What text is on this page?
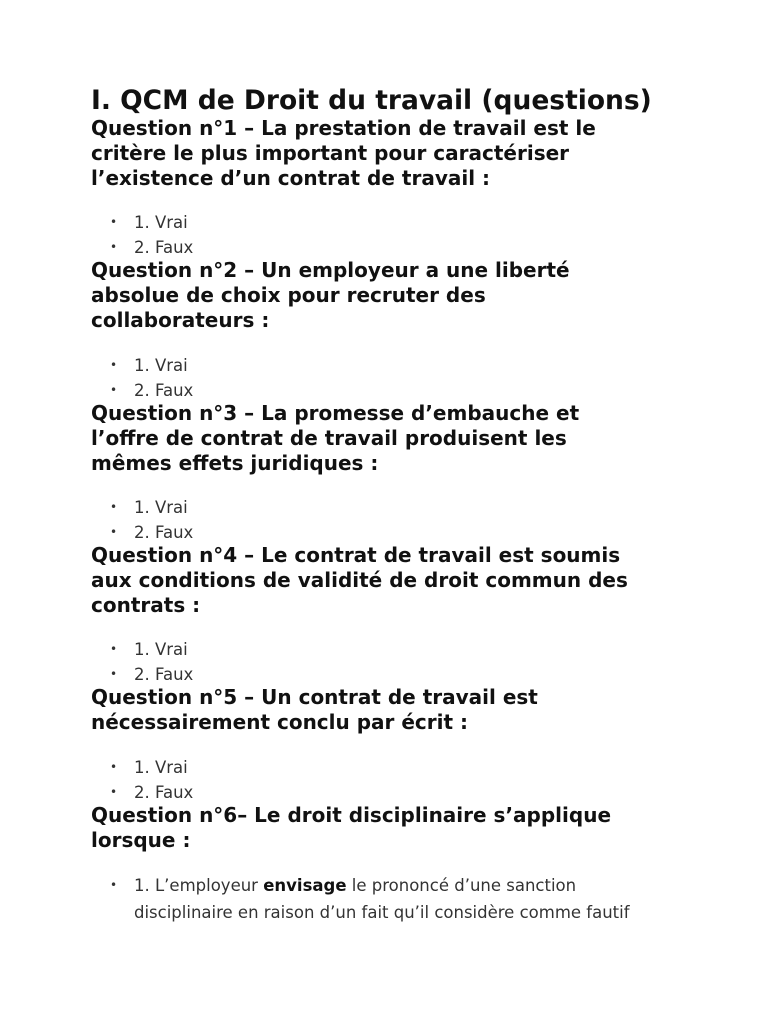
I. QCM de Droit du travail (questions)
Question n°1 – La prestation de travail est le
critère le plus important pour caractériser
l’existence d’un contrat de travail :
• 1. Vrai
• 2. Faux
Question n°2 – Un employeur a une liberté
absolue de choix pour recruter des
collaborateurs :
• 1. Vrai
• 2. Faux
Question n°3 – La promesse d’embauche et
l’offre de contrat de travail produisent les
mêmes effets juridiques :
• 1. Vrai
• 2. Faux
Question n°4 – Le contrat de travail est soumis
aux conditions de validité de droit commun des
contrats :
• 1. Vrai
• 2. Faux
Question n°5 – Un contrat de travail est
nécessairement conclu par écrit :
• 1. Vrai
• 2. Faux
Question n°6– Le droit disciplinaire s’applique
lorsque :
• 1. L’employeur envisage le prononcé d’une sanction
disciplinaire en raison d’un fait qu’il considère comme fautif
